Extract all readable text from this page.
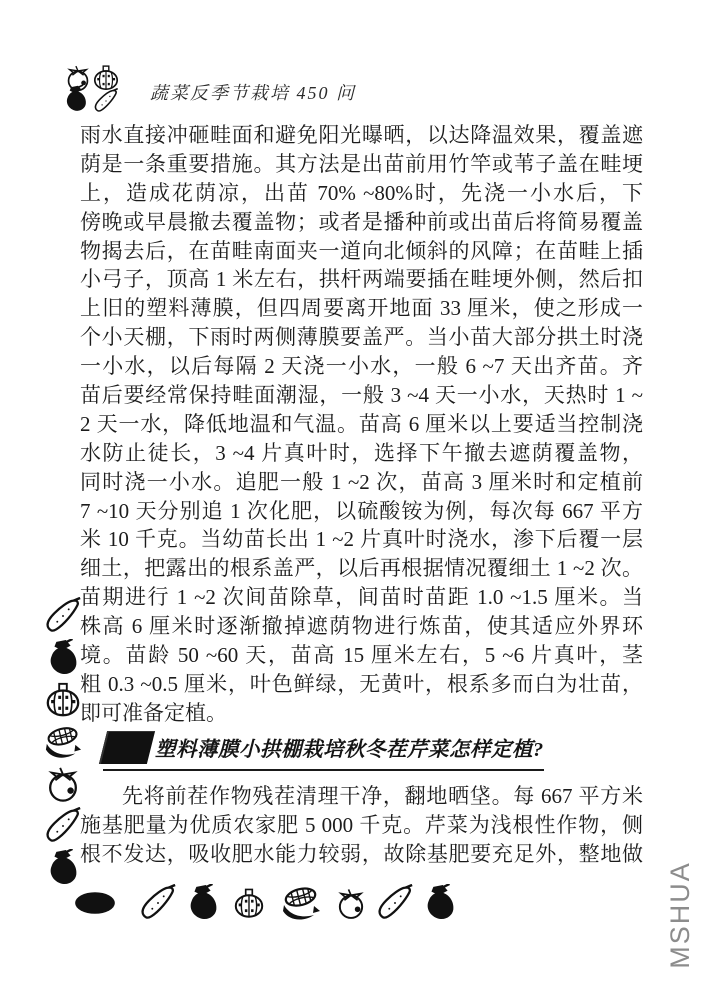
蔬菜反季节栽培 450 问
雨水直接冲砸畦面和避免阳光曝晒，以达降温效果，覆盖遮
荫是一条重要措施。其方法是出苗前用竹竿或苇子盖在畦埂
上，造成花荫凉，出苗 70% ~80%时，先浇一小水后，下
傍晚或早晨撤去覆盖物；或者是播种前或出苗后将简易覆盖
物揭去后，在苗畦南面夹一道向北倾斜的风障；在苗畦上插
小弓子，顶高 1 米左右，拱杆两端要插在畦埂外侧，然后扣
上旧的塑料薄膜，但四周要离开地面 33 厘米，使之形成一
个小天棚，下雨时两侧薄膜要盖严。当小苗大部分拱土时浇
一小水，以后每隔 2 天浇一小水，一般 6 ~7 天出齐苗。齐
苗后要经常保持畦面潮湿，一般 3 ~4 天一小水，天热时 1 ~
2 天一水，降低地温和气温。苗高 6 厘米以上要适当控制浇
水防止徒长，3 ~4 片真叶时，选择下午撤去遮荫覆盖物，
同时浇一小水。追肥一般 1 ~2 次，苗高 3 厘米时和定植前
7 ~10 天分别追 1 次化肥，以硫酸铵为例，每次每 667 平方
米 10 千克。当幼苗长出 1 ~2 片真叶时浇水，渗下后覆一层
细土，把露出的根系盖严，以后再根据情况覆细土 1 ~2 次。
苗期进行 1 ~2 次间苗除草，间苗时苗距 1.0 ~1.5 厘米。当
株高 6 厘米时逐渐撤掉遮荫物进行炼苗，使其适应外界环
境。苗龄 50 ~60 天，苗高 15 厘米左右，5 ~6 片真叶，茎
粗 0.3 ~0.5 厘米，叶色鲜绿，无黄叶，根系多而白为壮苗，
即可准备定植。
塑料薄膜小拱棚栽培秋冬茬芹菜怎样定植?
先将前茬作物残茬清理干净，翻地晒垡。每 667 平方米
施基肥量为优质农家肥 5 000 千克。芹菜为浅根性作物，侧
根不发达，吸收肥水能力较弱，故除基肥要充足外，整地做
MSHUA
